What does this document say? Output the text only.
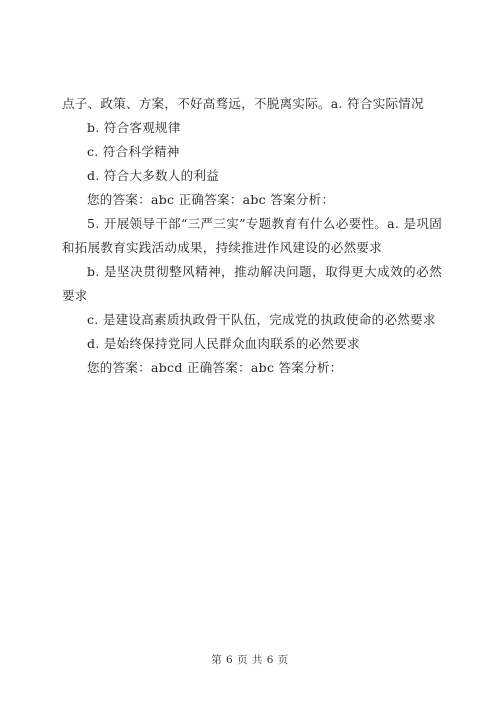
点子、政策、方案，不好高骛远，不脱离实际。a. 符合实际情况

b. 符合客观规律

c. 符合科学精神

d. 符合大多数人的利益

您的答案：abc 正确答案：abc 答案分析：

5. 开展领导干部“三严三实”专题教育有什么必要性。a. 是巩固和拓展教育实践活动成果，持续推进作风建设的必然要求

b. 是坚决贯彻整风精神，推动解决问题，取得更大成效的必然要求

c. 是建设高素质执政骨干队伍，完成党的执政使命的必然要求

d. 是始终保持党同人民群众血肉联系的必然要求

您的答案：abcd 正确答案：abc 答案分析：

第 6 页 共 6 页
